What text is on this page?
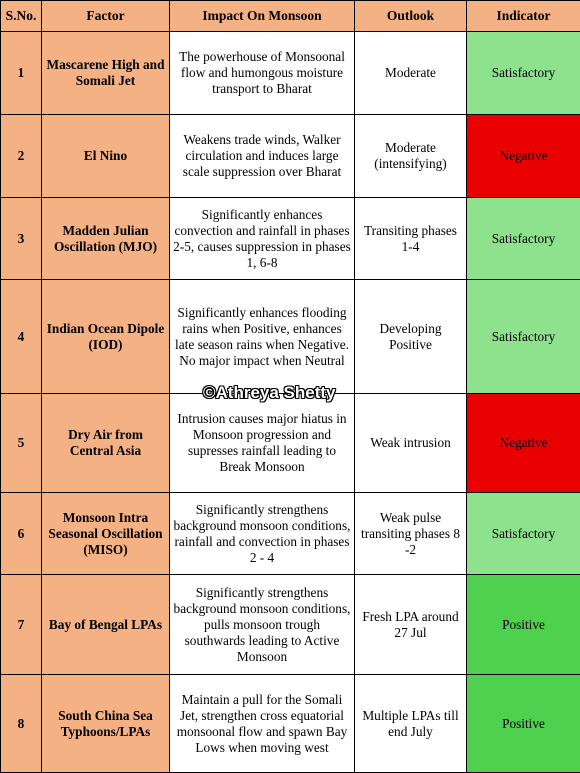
S.No.	Factor	Impact On Monsoon	Outlook	Indicator
1	Mascarene High and Somali Jet	The powerhouse of Monsoonal flow and humongous moisture transport to Bharat	Moderate	Satisfactory
2	El Nino	Weakens trade winds, Walker circulation and induces large scale suppression over Bharat	Moderate (intensifying)	Negative
3	Madden Julian Oscillation (MJO)	Significantly enhances convection and rainfall in phases 2-5, causes suppression in phases 1, 6-8	Transiting phases 1-4	Satisfactory
4	Indian Ocean Dipole (IOD)	Significantly enhances flooding rains when Positive, enhances late season rains when Negative. No major impact when Neutral	Developing Positive	Satisfactory
5	Dry Air from Central Asia	Intrusion causes major hiatus in Monsoon progression and supresses rainfall leading to Break Monsoon	Weak intrusion	Negative
6	Monsoon Intra Seasonal Oscillation (MISO)	Significantly strengthens background monsoon conditions, rainfall and convection in phases 2 - 4	Weak pulse transiting phases 8 -2	Satisfactory
7	Bay of Bengal LPAs	Significantly strengthens background monsoon conditions, pulls monsoon trough southwards leading to Active Monsoon	Fresh LPA around 27 Jul	Positive
8	South China Sea Typhoons/LPAs	Maintain a pull for the Somali Jet, strengthen cross equatorial monsoonal flow and spawn Bay Lows when moving west	Multiple LPAs till end July	Positive
©Athreya Shetty
